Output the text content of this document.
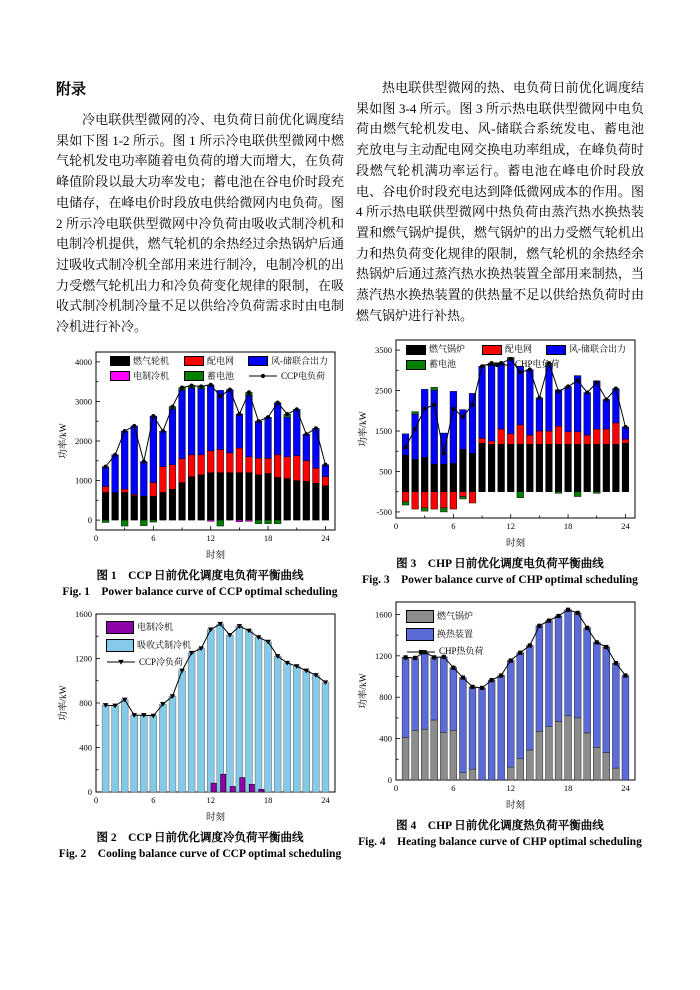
附录

冷电联供型微网的冷、电负荷日前优化调度结果如下图 1-2 所示。图 1 所示冷电联供型微网中燃气轮机发电功率随着电负荷的增大而增大，在负荷峰值阶段以最大功率发电；蓄电池在谷电价时段充电储存，在峰电价时段放电供给微网内电负荷。图 2 所示冷电联供型微网中冷负荷由吸收式制冷机和电制冷机提供，燃气轮机的余热经过余热锅炉后通过吸收式制冷机全部用来进行制冷，电制冷机的出力受燃气轮机出力和冷负荷变化规律的限制，在吸收式制冷机制冷量不足以供给冷负荷需求时由电制冷机进行补冷。

0
1000
2000
3000
4000
0	6	12	18	24
功率/kW
时刻
燃气轮机	配电网	风-储联合出力
电制冷机	蓄电池	CCP电负荷
图 1　CCP 日前优化调度电负荷平衡曲线
Fig. 1　Power balance curve of CCP optimal scheduling
0
400
800
1200
1600
0	6	12	18	24
功率/kW
时刻
电制冷机
吸收式制冷机
CCP冷负荷
图 2　CCP 日前优化调度冷负荷平衡曲线
Fig. 2　Cooling balance curve of CCP optimal scheduling

热电联供型微网的热、电负荷日前优化调度结果如图 3-4 所示。图 3 所示热电联供型微网中电负荷由燃气轮机发电、风-储联合系统发电、蓄电池充放电与主动配电网交换电功率组成，在峰负荷时段燃气轮机满功率运行。蓄电池在峰电价时段放电、谷电价时段充电达到降低微网成本的作用。图 4 所示热电联供型微网中热负荷由蒸汽热水换热装置和燃气锅炉提供，燃气锅炉的出力受燃气轮机出力和热负荷变化规律的限制，燃气轮机的余热经余热锅炉后通过蒸汽热水换热装置全部用来制热，当蒸汽热水换热装置的供热量不足以供给热负荷时由燃气锅炉进行补热。

-500
500
1500
2500
3500
0	6	12	18	24
功率/kW
时刻
燃气锅炉	配电网	风-储联合出力
蓄电池	CHP电负荷
图 3　CHP 日前优化调度电负荷平衡曲线
Fig. 3　Power balance curve of CHP optimal scheduling
0
400
800
1200
1600
0	6	12	18	24
功率/kW
时刻
燃气锅炉
换热装置
CHP热负荷
图 4　CHP 日前优化调度热负荷平衡曲线
Fig. 4　Heating balance curve of CHP optimal scheduling
